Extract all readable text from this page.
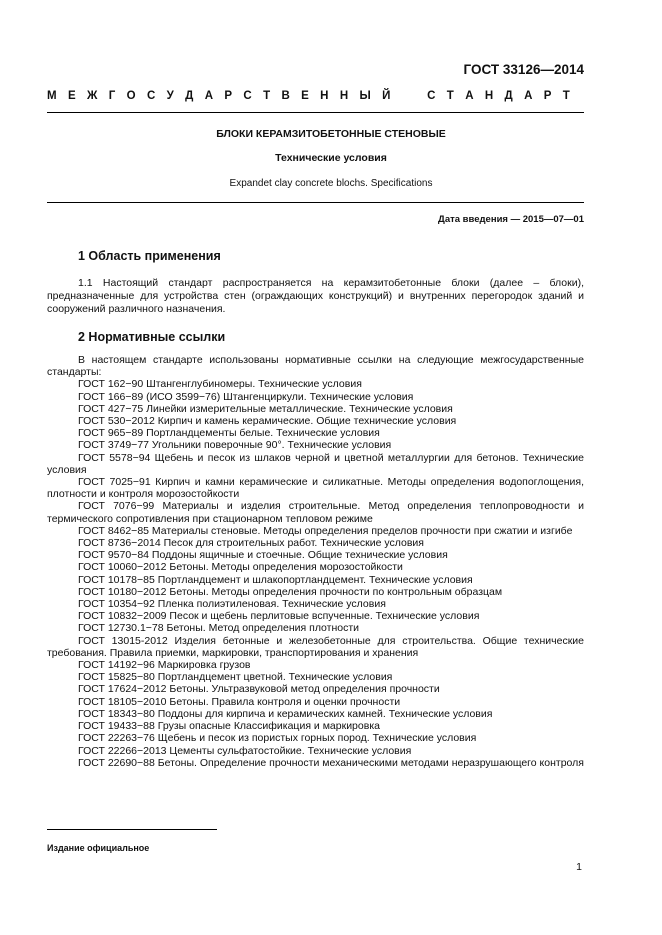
ГОСТ 33126—2014
М Е Ж Г О С У Д А Р С Т В Е Н Н Ы Й	С Т А Н Д А Р Т
БЛОКИ КЕРАМЗИТОБЕТОННЫЕ СТЕНОВЫЕ
Технические условия
Expandet clay concrete blochs. Specifications
Дата введения — 2015—07—01
1 Область применения
1.1 Настоящий стандарт распространяется на керамзитобетонные блоки (далее – блоки), предназначенные для устройства стен (ограждающих конструкций) и внутренних перегородок зданий и сооружений различного назначения.
2 Нормативные ссылки
В настоящем стандарте использованы нормативные ссылки на следующие межгосударственные стандарты:
ГОСТ 162−90 Штангенглубиномеры. Технические условия
ГОСТ 166−89 (ИСО 3599−76) Штангенциркули. Технические условия
ГОСТ 427−75 Линейки измерительные металлические. Технические условия
ГОСТ 530−2012 Кирпич и камень керамические. Общие технические условия
ГОСТ 965−89 Портландцементы белые. Технические условия
ГОСТ 3749−77 Угольники поверочные 90°. Технические условия
ГОСТ 5578−94 Щебень и песок из шлаков черной и цветной металлургии для бетонов. Технические условия
ГОСТ 7025−91 Кирпич и камни керамические и силикатные. Методы определения водопоглощения, плотности и контроля морозостойкости
ГОСТ 7076−99 Материалы и изделия строительные. Метод определения теплопроводности и термического сопротивления при стационарном тепловом режиме
ГОСТ 8462−85 Материалы стеновые. Методы определения пределов прочности при сжатии и изгибе
ГОСТ 8736−2014 Песок для строительных работ. Технические условия
ГОСТ 9570−84 Поддоны ящичные и стоечные. Общие технические условия
ГОСТ 10060−2012 Бетоны. Методы определения морозостойкости
ГОСТ 10178−85 Портландцемент и шлакопортландцемент. Технические условия
ГОСТ 10180−2012 Бетоны. Методы определения прочности по контрольным образцам
ГОСТ 10354−92 Пленка полиэтиленовая. Технические условия
ГОСТ 10832−2009 Песок и щебень перлитовые вспученные. Технические условия
ГОСТ 12730.1−78 Бетоны. Метод определения плотности
ГОСТ 13015-2012 Изделия бетонные и железобетонные для строительства. Общие технические требования. Правила приемки, маркировки, транспортирования и хранения
ГОСТ 14192−96 Маркировка грузов
ГОСТ 15825−80 Портландцемент цветной. Технические условия
ГОСТ 17624−2012 Бетоны. Ультразвуковой метод определения прочности
ГОСТ 18105−2010 Бетоны. Правила контроля и оценки прочности
ГОСТ 18343−80 Поддоны для кирпича и керамических камней. Технические условия
ГОСТ 19433−88 Грузы опасные Классификация и маркировка
ГОСТ 22263−76 Щебень и песок из пористых горных пород. Технические условия
ГОСТ 22266−2013 Цементы сульфатостойкие. Технические условия
ГОСТ 22690−88 Бетоны. Определение прочности механическими методами неразрушающего контроля
Издание официальное
1
